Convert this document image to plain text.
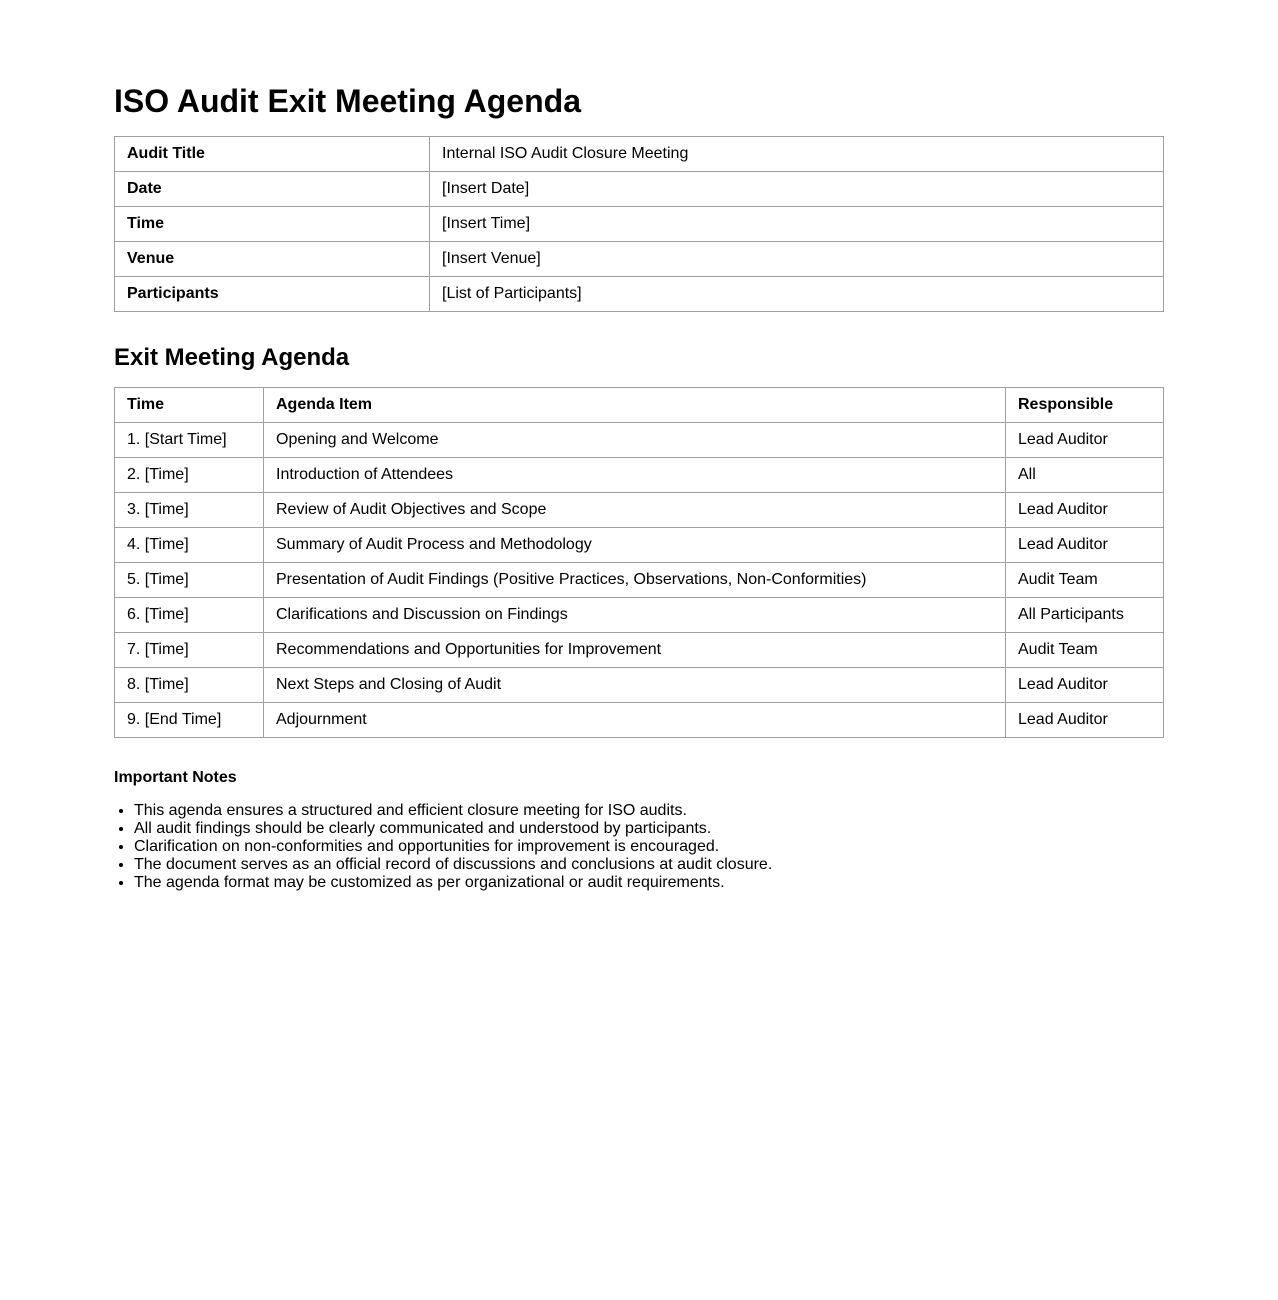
ISO Audit Exit Meeting Agenda
Audit Title	Internal ISO Audit Closure Meeting
Date	[Insert Date]
Time	[Insert Time]
Venue	[Insert Venue]
Participants	[List of Participants]
Exit Meeting Agenda
Time	Agenda Item	Responsible
1. [Start Time]	Opening and Welcome	Lead Auditor
2. [Time]	Introduction of Attendees	All
3. [Time]	Review of Audit Objectives and Scope	Lead Auditor
4. [Time]	Summary of Audit Process and Methodology	Lead Auditor
5. [Time]	Presentation of Audit Findings (Positive Practices, Observations, Non-Conformities)	Audit Team
6. [Time]	Clarifications and Discussion on Findings	All Participants
7. [Time]	Recommendations and Opportunities for Improvement	Audit Team
8. [Time]	Next Steps and Closing of Audit	Lead Auditor
9. [End Time]	Adjournment	Lead Auditor
Important Notes
• This agenda ensures a structured and efficient closure meeting for ISO audits.
• All audit findings should be clearly communicated and understood by participants.
• Clarification on non-conformities and opportunities for improvement is encouraged.
• The document serves as an official record of discussions and conclusions at audit closure.
• The agenda format may be customized as per organizational or audit requirements.
